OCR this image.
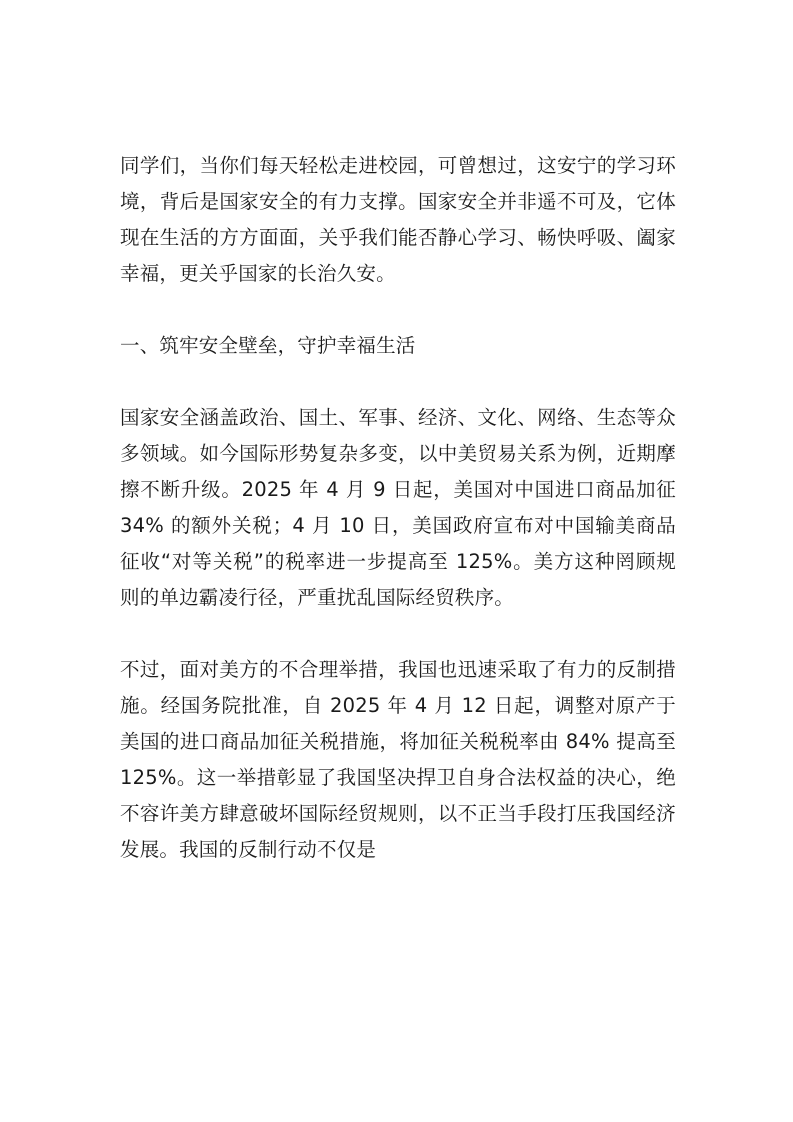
同学们，当你们每天轻松走进校园，可曾想过，这安宁的学习环境，背后是国家安全的有力支撑。国家安全并非遥不可及，它体现在生活的方方面面，关乎我们能否静心学习、畅快呼吸、阖家幸福，更关乎国家的长治久安。

一、筑牢安全壁垒，守护幸福生活

国家安全涵盖政治、国土、军事、经济、文化、网络、生态等众多领域。如今国际形势复杂多变，以中美贸易关系为例，近期摩擦不断升级。2025 年 4 月 9 日起，美国对中国进口商品加征 34% 的额外关税；4 月 10 日，美国政府宣布对中国输美商品征收“对等关税”的税率进一步提高至 125%。美方这种罔顾规则的单边霸凌行径，严重扰乱国际经贸秩序。

不过，面对美方的不合理举措，我国也迅速采取了有力的反制措施。经国务院批准，自 2025 年 4 月 12 日起，调整对原产于美国的进口商品加征关税措施，将加征关税税率由 84% 提高至 125%。这一举措彰显了我国坚决捍卫自身合法权益的决心，绝不容许美方肆意破坏国际经贸规则，以不正当手段打压我国经济发展。我国的反制行动不仅是
